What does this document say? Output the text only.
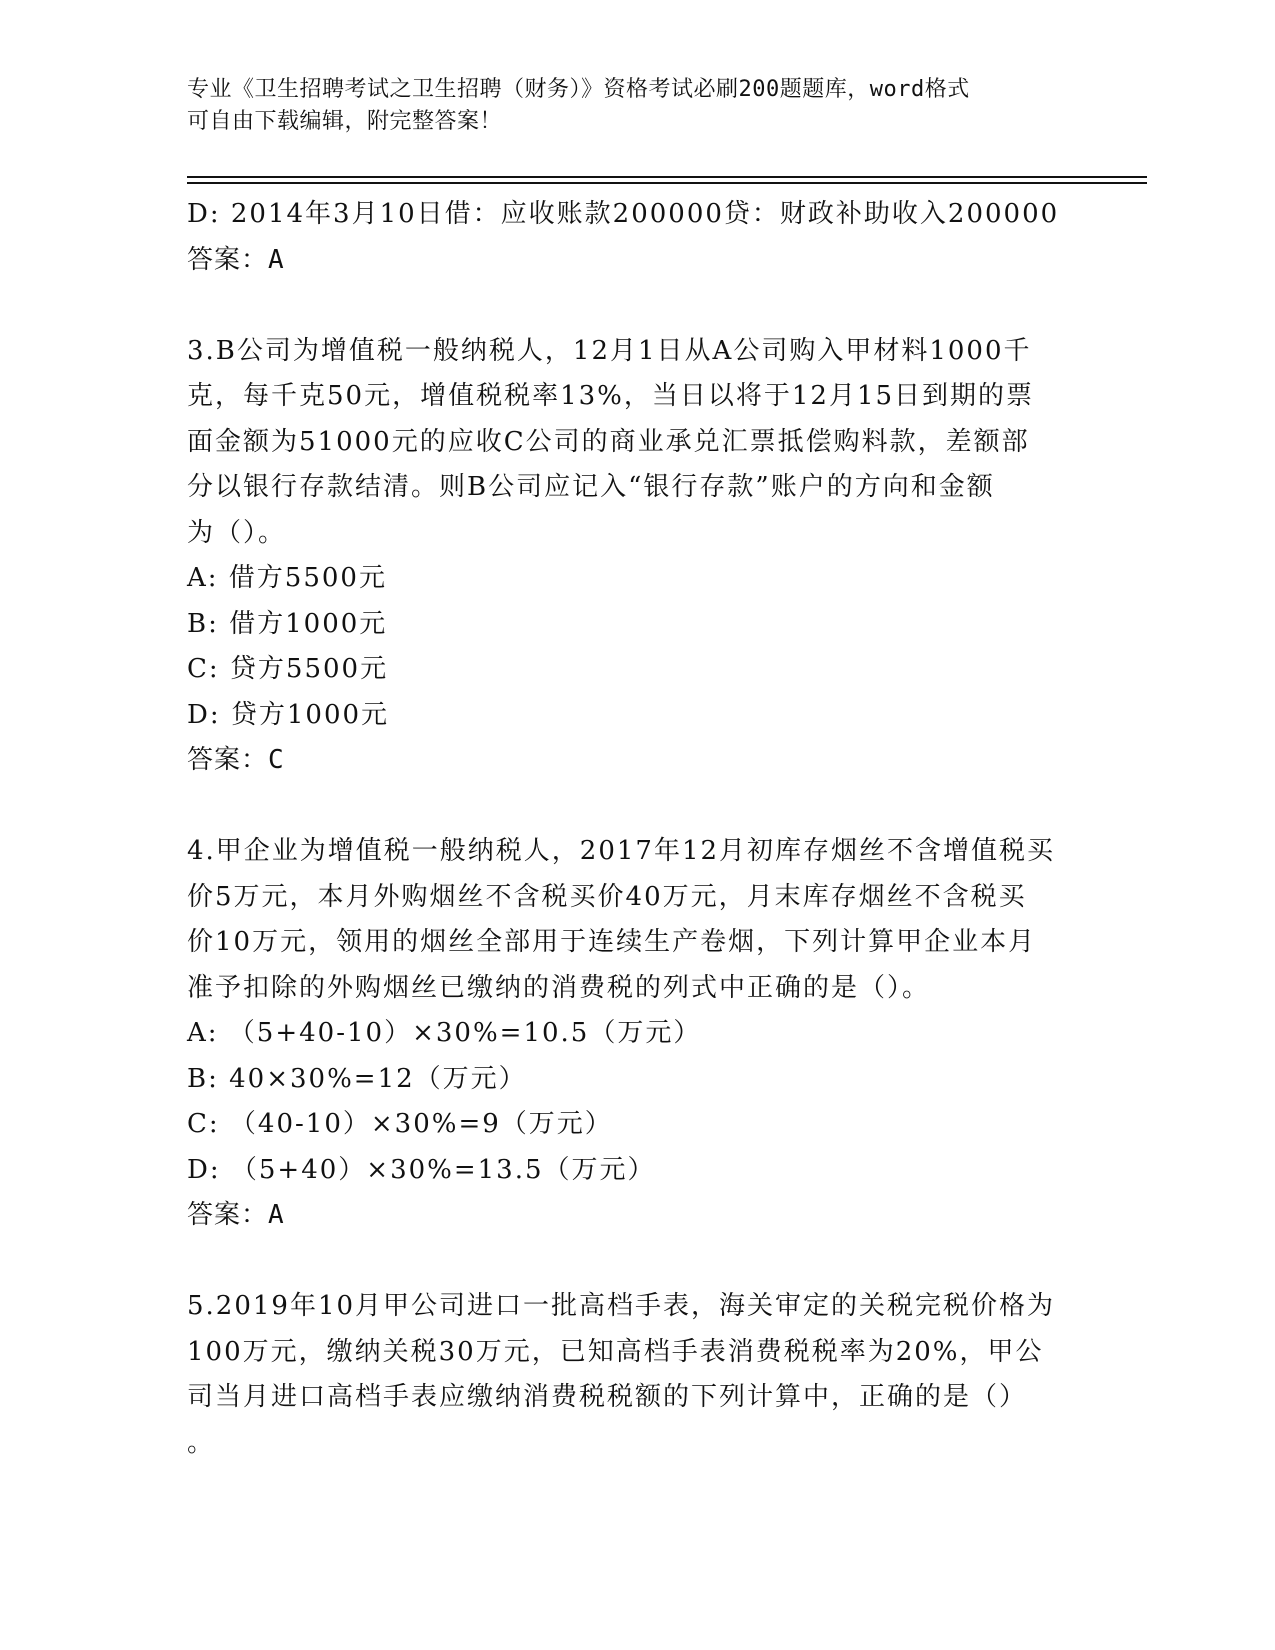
专业《卫生招聘考试之卫生招聘（财务）》资格考试必刷200题题库，word格式
可自由下载编辑，附完整答案！
D: 2014年3月10日借：应收账款200000贷：财政补助收入200000
答案：A
3.B公司为增值税一般纳税人，12月1日从A公司购入甲材料1000千
克，每千克50元，增值税税率13%，当日以将于12月15日到期的票
面金额为51000元的应收C公司的商业承兑汇票抵偿购料款，差额部
分以银行存款结清。则B公司应记入“银行存款”账户的方向和金额
为（）。
A: 借方5500元
B: 借方1000元
C: 贷方5500元
D: 贷方1000元
答案：C
4.甲企业为增值税一般纳税人，2017年12月初库存烟丝不含增值税买
价5万元，本月外购烟丝不含税买价40万元，月末库存烟丝不含税买
价10万元，领用的烟丝全部用于连续生产卷烟，下列计算甲企业本月
准予扣除的外购烟丝已缴纳的消费税的列式中正确的是（）。
A: （5+40-10）×30%=10.5（万元）
B: 40×30%=12（万元）
C: （40-10）×30%=9（万元）
D: （5+40）×30%=13.5（万元）
答案：A
5.2019年10月甲公司进口一批高档手表，海关审定的关税完税价格为
100万元，缴纳关税30万元，已知高档手表消费税税率为20%，甲公
司当月进口高档手表应缴纳消费税税额的下列计算中，正确的是（）
。
